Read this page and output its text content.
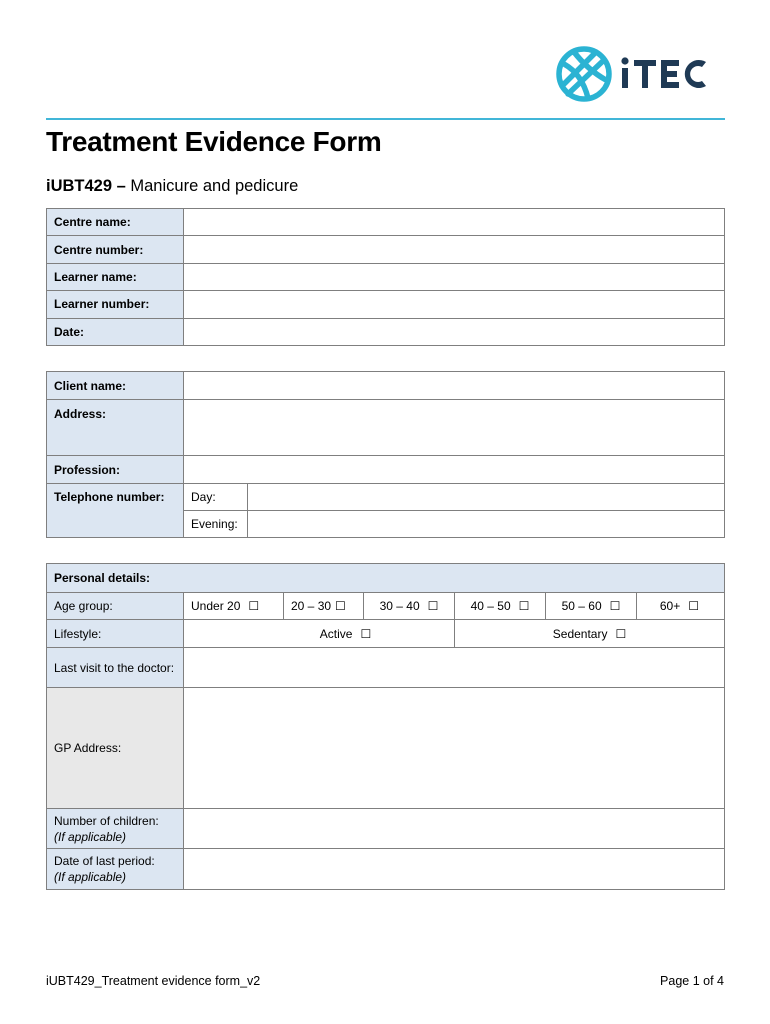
Treatment Evidence Form
iUBT429 – Manicure and pedicure
Centre name:	
Centre number:	
Learner name:	
Learner number:	
Date:	
Client name:		
Address:		
Profession:		
Telephone number:	Day:	
	Evening:	
Personal details:						
Age group:	Under 20 ☐	20 – 30 ☐	30 – 40 ☐	40 – 50 ☐	50 – 60 ☐	60+ ☐
Lifestyle:	Active ☐			Sedentary ☐		
Last visit to the doctor:						
GP Address:						
Number of children:
(If applicable)						
Date of last period:
(If applicable)						
iUBT429_Treatment evidence form_v2	Page 1 of 4
